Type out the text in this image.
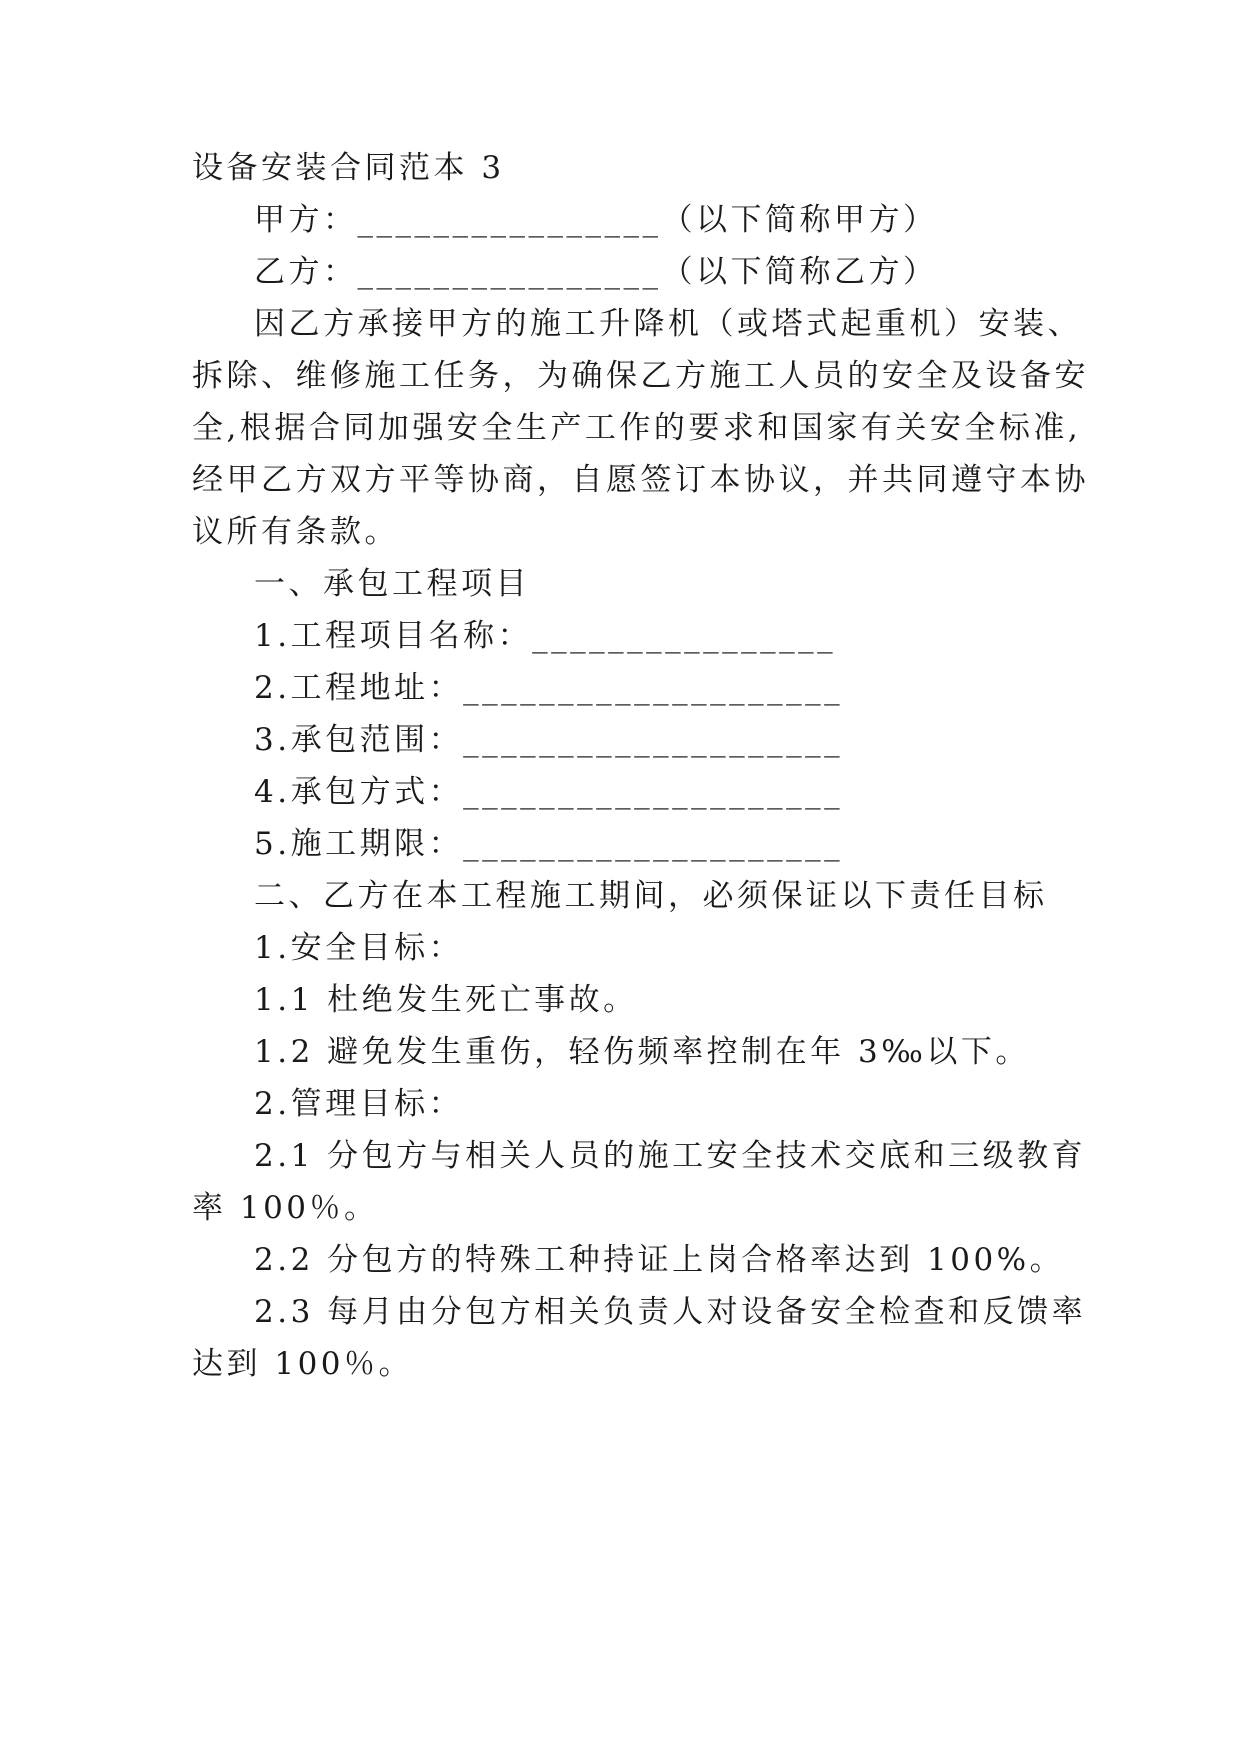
设备安装合同范本 3
甲方：________________（以下简称甲方）
乙方：________________（以下简称乙方）
因乙方承接甲方的施工升降机（或塔式起重机）安装、
拆除、维修施工任务，为确保乙方施工人员的安全及设备安
全,根据合同加强安全生产工作的要求和国家有关安全标准,
经甲乙方双方平等协商，自愿签订本协议，并共同遵守本协
议所有条款。
一、承包工程项目
1.工程项目名称：________________
2.工程地址：____________________
3.承包范围：____________________
4.承包方式：____________________
5.施工期限：____________________
二、乙方在本工程施工期间，必须保证以下责任目标
1.安全目标：
1.1 杜绝发生死亡事故。
1.2 避免发生重伤，轻伤频率控制在年 3‰以下。
2.管理目标：
2.1 分包方与相关人员的施工安全技术交底和三级教育
率 100％。
2.2 分包方的特殊工种持证上岗合格率达到 100%。
2.3 每月由分包方相关负责人对设备安全检查和反馈率
达到 100％。
